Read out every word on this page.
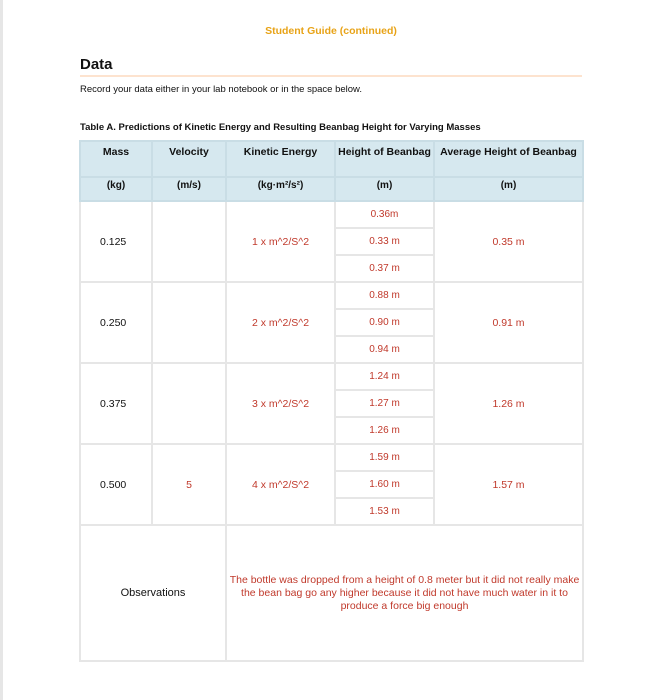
Student Guide (continued)
Data
Record your data either in your lab notebook or in the space below.
Table A. Predictions of Kinetic Energy and Resulting Beanbag Height for Varying Masses
Mass	Velocity	Kinetic Energy	Height of Beanbag	Average Height of Beanbag
(kg)	(m/s)	(kg·m²/s²)	(m)	(m)
0.125		1 x m^2/S^2	0.36m	0.35 m
			0.33 m	
			0.37 m	
0.250		2 x m^2/S^2	0.88 m	0.91 m
			0.90 m	
			0.94 m	
0.375		3 x m^2/S^2	1.24 m	1.26 m
			1.27 m	
			1.26 m	
0.500	5	4 x m^2/S^2	1.59 m	1.57 m
			1.60 m	
			1.53 m	
Observations		The bottle was dropped from a height of 0.8 meter but it did not really make the bean bag go any higher because it did not have much water in it to produce a force big enough		
